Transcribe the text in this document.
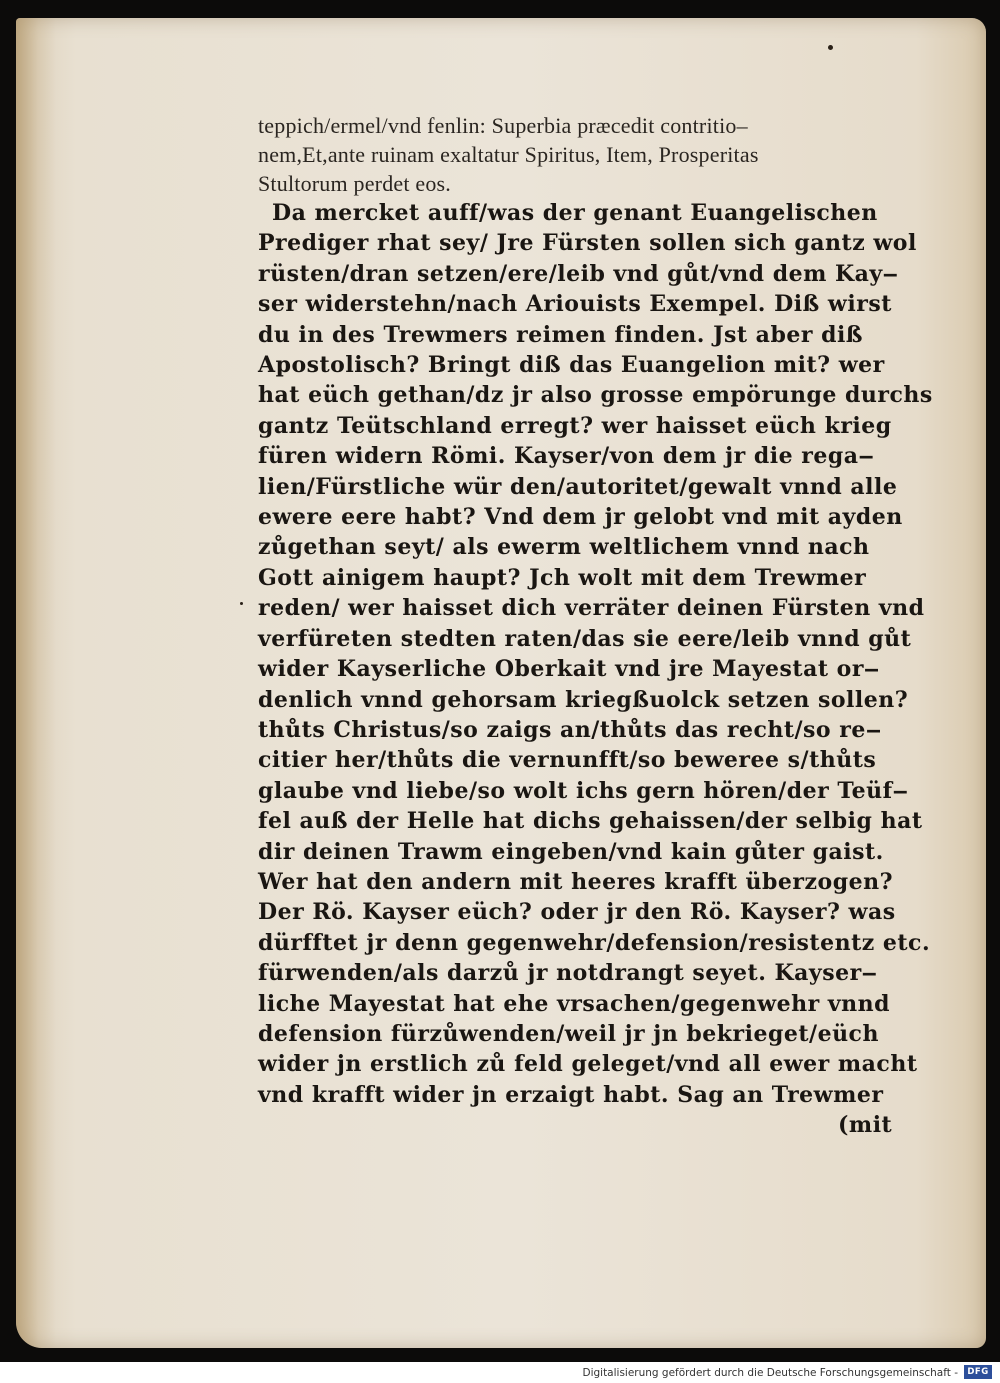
teppich/ermel/vnd fenlin: Superbia præcedit contritio‒
nem,Et,ante ruinam exaltatur Spiritus, Item, Prosperitas
Stultorum perdet eos.
Da mercket auff/was der genant Euangelischen
Prediger rhat sey/ Jre Fürsten sollen sich gantz wol
rüsten/dran setzen/ere/leib vnd gůt/vnd dem Kay‒
ser widerstehn/nach Ariouists Exempel. Diß wirst
du in des Trewmers reimen finden. Jst aber diß
Apostolisch? Bringt diß das Euangelion mit? wer
hat eüch gethan/dz jr also grosse empörunge durchs
gantz Teütschland erregt? wer haisset eüch krieg
füren widern Römi. Kayser/von dem jr die rega‒
lien/Fürstliche wür den/autoritet/gewalt vnnd alle
ewere eere habt? Vnd dem jr gelobt vnd mit ayden
zůgethan seyt/ als ewerm weltlichem vnnd nach
Gott ainigem haupt? Jch wolt mit dem Trewmer
reden/ wer haisset dich verräter deinen Fürsten vnd
verfüreten stedten raten/das sie eere/leib vnnd gůt
wider Kayserliche Oberkait vnd jre Mayestat or‒
denlich vnnd gehorsam kriegßuolck setzen sollen?
thůts Christus/so zaigs an/thůts das recht/so re‒
citier her/thůts die vernunfft/so beweree s/thůts
glaube vnd liebe/so wolt ichs gern hören/der Teüf‒
fel auß der Helle hat dichs gehaissen/der selbig hat
dir deinen Trawm eingeben/vnd kain gůter gaist.
Wer hat den andern mit heeres krafft überzogen?
Der Rö. Kayser eüch? oder jr den Rö. Kayser? was
dürfftet jr denn gegenwehr/defension/resistentz etc.
fürwenden/als darzů jr notdrangt seyet. Kayser‒
liche Mayestat hat ehe vrsachen/gegenwehr vnnd
defension fürzůwenden/weil jr jn bekrieget/eüch
wider jn erstlich zů feld geleget/vnd all ewer macht
vnd krafft wider jn erzaigt habt. Sag an Trewmer
(mit
Digitalisierung gefördert durch die Deutsche Forschungsgemeinschaft -	DFG
